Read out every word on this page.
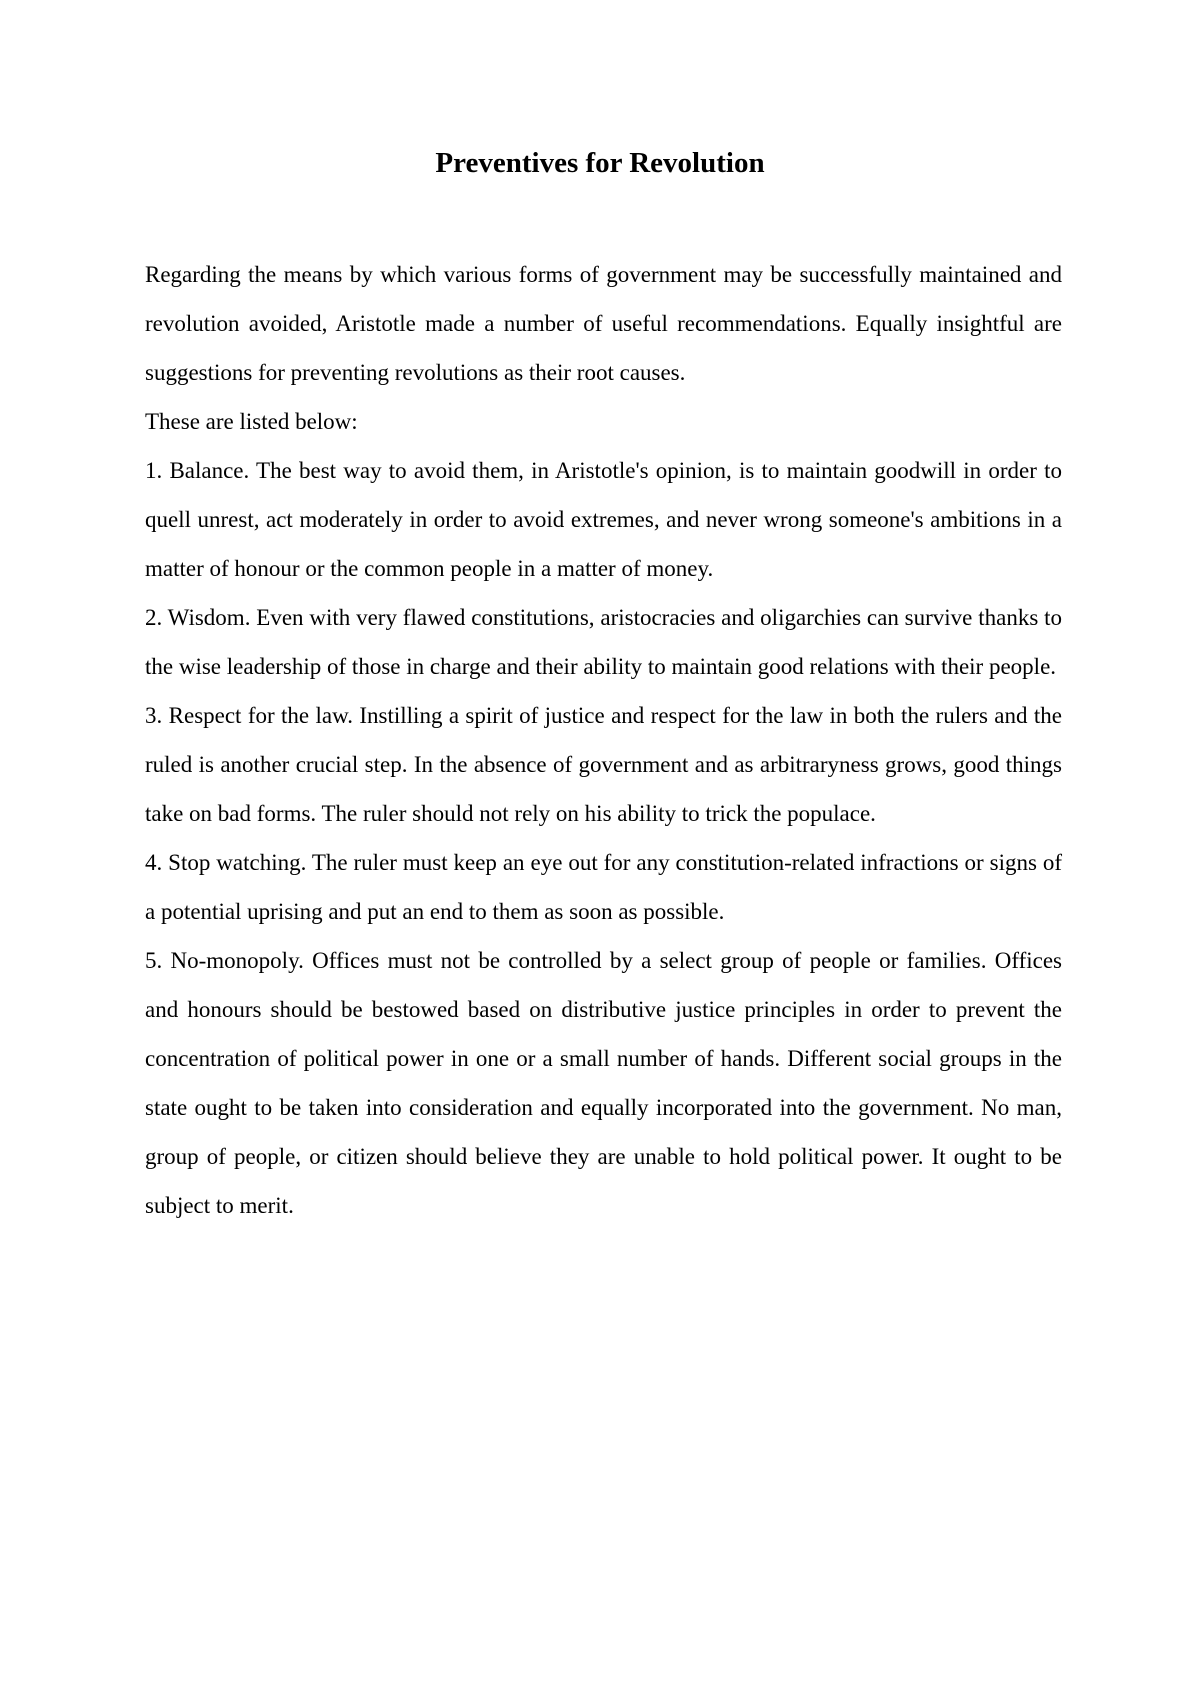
Preventives for Revolution

Regarding the means by which various forms of government may be successfully maintained and revolution avoided, Aristotle made a number of useful recommendations. Equally insightful are suggestions for preventing revolutions as their root causes.

These are listed below:

1. Balance. The best way to avoid them, in Aristotle's opinion, is to maintain goodwill in order to quell unrest, act moderately in order to avoid extremes, and never wrong someone's ambitions in a matter of honour or the common people in a matter of money.

2. Wisdom. Even with very flawed constitutions, aristocracies and oligarchies can survive thanks to the wise leadership of those in charge and their ability to maintain good relations with their people.

3. Respect for the law. Instilling a spirit of justice and respect for the law in both the rulers and the ruled is another crucial step. In the absence of government and as arbitraryness grows, good things take on bad forms. The ruler should not rely on his ability to trick the populace.

4. Stop watching. The ruler must keep an eye out for any constitution-related infractions or signs of a potential uprising and put an end to them as soon as possible.

5. No-monopoly. Offices must not be controlled by a select group of people or families. Offices and honours should be bestowed based on distributive justice principles in order to prevent the concentration of political power in one or a small number of hands. Different social groups in the state ought to be taken into consideration and equally incorporated into the government. No man, group of people, or citizen should believe they are unable to hold political power. It ought to be subject to merit.
